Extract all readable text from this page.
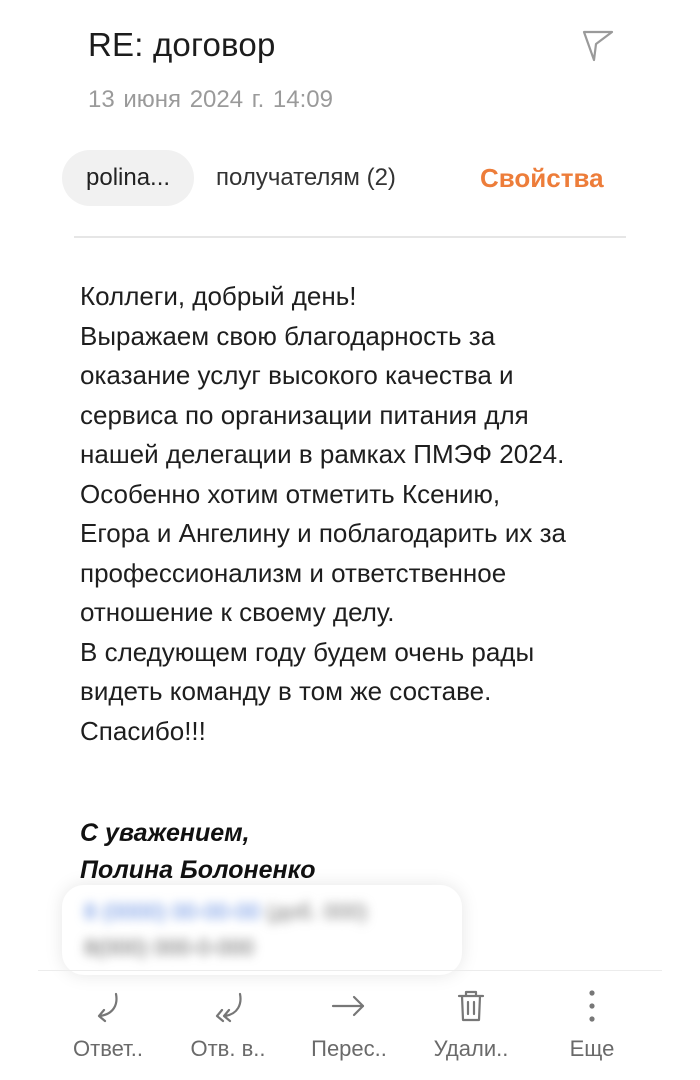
RE: договор
13 июня 2024 г. 14:09
polina...	получателям (2)	Свойства

Коллеги, добрый день!

Выражаем свою благодарность за

оказание услуг высокого качества и

сервиса по организации питания для

нашей делегации в рамках ПМЭФ 2024.

Особенно хотим отметить Ксению,

Егора и Ангелину и поблагодарить их за

профессионализм и ответственное

отношение к своему делу.

В следующем году будем очень рады

видеть команду в том же составе.

Спасибо!!!

С уважением,
Полина Болоненко
8 (0000) 00-00-00 (доб. 000)
8(000) 000-0-000
Ответ..	Отв. в..	Перес..	Удали..	Еще
